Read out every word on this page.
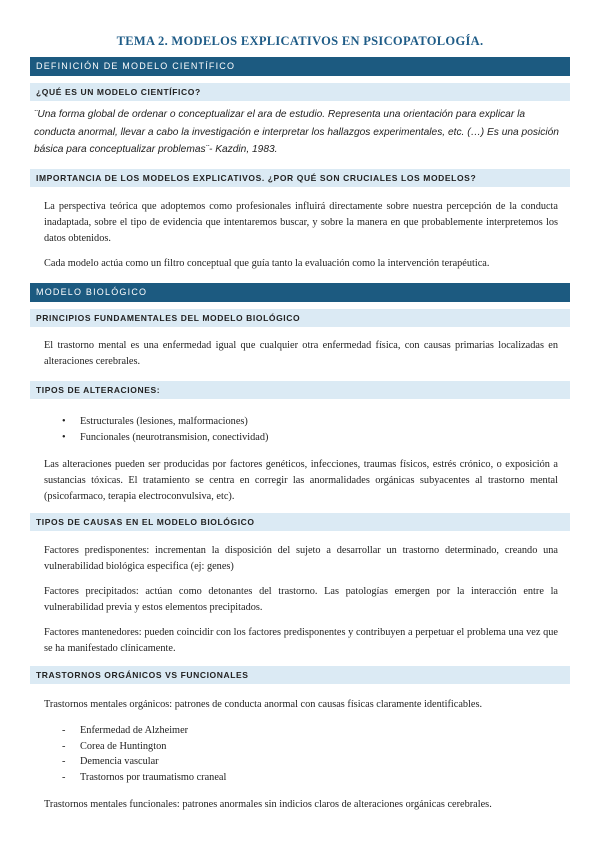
TEMA 2. MODELOS EXPLICATIVOS EN PSICOPATOLOGÍA.
DEFINICIÓN DE MODELO CIENTÍFICO
¿QUÉ ES UN MODELO CIENTÍFICO?
¨Una forma global de ordenar o conceptualizar el ara de estudio. Representa una orientación para explicar la conducta anormal, llevar a cabo la investigación e interpretar los hallazgos experimentales, etc. (…) Es una posición básica para conceptualizar problemas¨- Kazdin, 1983.
IMPORTANCIA DE LOS MODELOS EXPLICATIVOS. ¿POR QUÉ SON CRUCIALES LOS MODELOS?
La perspectiva teórica que adoptemos como profesionales influirá directamente sobre nuestra percepción de la conducta inadaptada, sobre el tipo de evidencia que intentaremos buscar, y sobre la manera en que probablemente interpretemos los datos obtenidos.
Cada modelo actúa como un filtro conceptual que guía tanto la evaluación como la intervención terapéutica.
MODELO BIOLÓGICO
PRINCIPIOS FUNDAMENTALES DEL MODELO BIOLÓGICO
El trastorno mental es una enfermedad igual que cualquier otra enfermedad física, con causas primarias localizadas en alteraciones cerebrales.
TIPOS DE ALTERACIONES:
• Estructurales (lesiones, malformaciones)
• Funcionales (neurotransmision, conectividad)
Las alteraciones pueden ser producidas por factores genéticos, infecciones, traumas físicos, estrés crónico, o exposición a sustancias tóxicas. El tratamiento se centra en corregir las anormalidades orgánicas subyacentes al trastorno mental (psicofarmaco, terapia electroconvulsiva, etc).
TIPOS DE CAUSAS EN EL MODELO BIOLÓGICO
Factores predisponentes: incrementan la disposición del sujeto a desarrollar un trastorno determinado, creando una vulnerabilidad biológica especifica (ej: genes)
Factores precipitados: actúan como detonantes del trastorno. Las patologías emergen por la interacción entre la vulnerabilidad previa y estos elementos precipitados.
Factores mantenedores: pueden coincidir con los factores predisponentes y contribuyen a perpetuar el problema una vez que se ha manifestado clínicamente.
TRASTORNOS ORGÁNICOS VS FUNCIONALES
Trastornos mentales orgánicos: patrones de conducta anormal con causas físicas claramente identificables.
- Enfermedad de Alzheimer
- Corea de Huntington
- Demencia vascular
- Trastornos por traumatismo craneal
Trastornos mentales funcionales: patrones anormales sin indicios claros de alteraciones orgánicas cerebrales.
